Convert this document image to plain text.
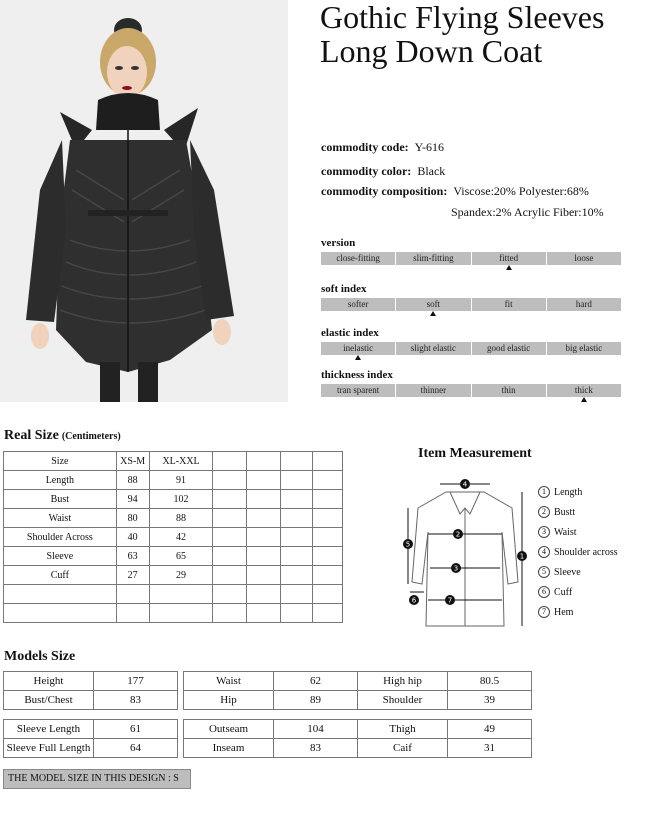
Gothic Flying Sleeves Long Down Coat
commodity code: Y-616
commodity color: Black
commodity composition: Viscose:20% Polyester:68%
Spandex:2% Acrylic Fiber:10%
version
close-fitting	slim-fitting	fitted	loose
soft index
softer	soft	fit	hard
elastic index
inelastic	slight elastic	good elastic	big elastic
thickness index
tran sparent	thinner	thin	thick
Real Size (Centimeters)
Size	XS-M	XL-XXL				
Length	88	91				
Bust	94	102				
Waist	80	88				
Shoulder Across	40	42				
Sleeve	63	65				
Cuff	27	29				

Item Measurement
4
2
3
7
1
5
6
1 Length
2 Bustt
3 Waist
4 Shoulder across
5 Sleeve
6 Cuff
7 Hem
Models Size
Height	177
Bust/Chest	83
Waist	62
Hip	89
High hip	80.5
Shoulder	39
Sleeve Length	61
Sleeve Full Length	64
Outseam	104
Inseam	83
Thigh	49
Caif	31
THE MODEL SIZE IN THIS DESIGN : S
